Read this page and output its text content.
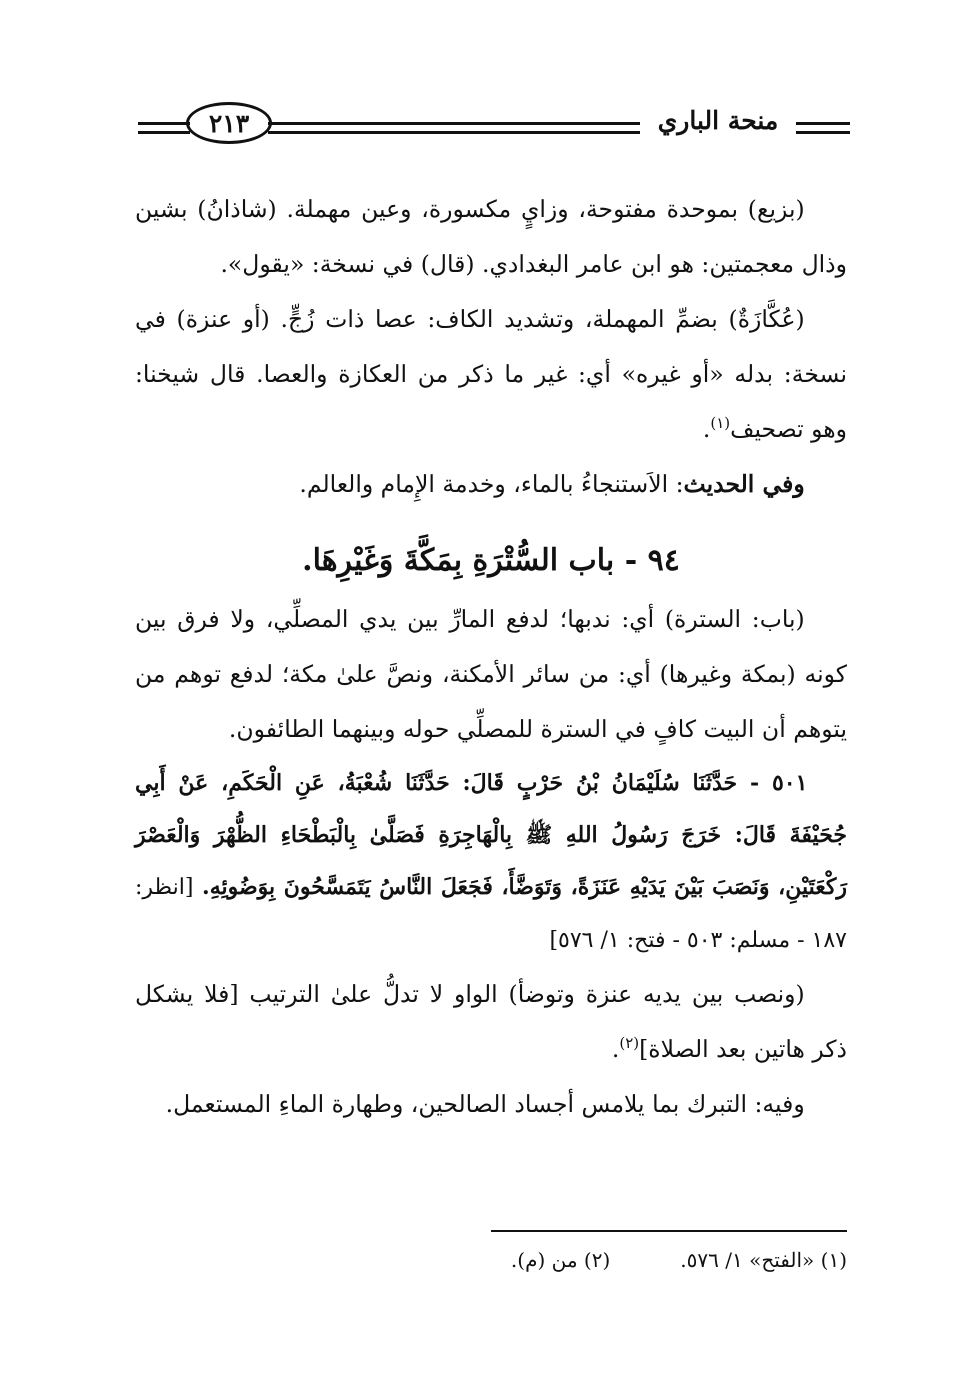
٢١٣	منحة الباري

(بزيع) بموحدة مفتوحة، وزايٍ مكسورة، وعين مهملة. (شاذانُ) بشين وذال معجمتين: هو ابن عامر البغدادي. (قال) في نسخة: «يقول».

(عُكَّازَةٌ) بضمِّ المهملة، وتشديد الكاف: عصا ذات زُجٍّ. (أو عنزة) في نسخة: بدله «أو غيره» أي: غير ما ذكر من العكازة والعصا. قال شيخنا: وهو تصحيف$^{(١)}$.

وفي الحديث: الاَستنجاءُ بالماء، وخدمة الإِمام والعالم.

٩٤ - باب السُّتْرَةِ بِمَكَّةَ وَغَيْرِهَا.

(باب: السترة) أي: ندبها؛ لدفع المارِّ بين يدي المصلِّي، ولا فرق بين كونه (بمكة وغيرها) أي: من سائر الأمكنة، ونصَّ علىٰ مكة؛ لدفع توهم من يتوهم أن البيت كافٍ في السترة للمصلِّي حوله وبينهما الطائفون.

٥٠١ - حَدَّثَنَا سُلَيْمَانُ بْنُ حَرْبٍ قَالَ: حَدَّثَنَا شُعْبَةُ، عَنِ الْحَكَمِ، عَنْ أَبِي جُحَيْفَةَ قَالَ: خَرَجَ رَسُولُ اللهِ ﷺ بِالْهَاجِرَةِ فَصَلَّىٰ بِالْبَطْحَاءِ الظُّهْرَ وَالْعَصْرَ رَكْعَتَيْنِ، وَنَصَبَ بَيْنَ يَدَيْهِ عَنَزَةً، وَتَوَضَّأَ، فَجَعَلَ النَّاسُ يَتَمَسَّحُونَ بِوَضُوئِهِ. [انظر: ١٨٧ - مسلم: ٥٠٣ - فتح: ١/ ٥٧٦]

(ونصب بين يديه عنزة وتوضأ) الواو لا تدلُّ علىٰ الترتيب [فلا يشكل ذكر هاتين بعد الصلاة]$^{(٢)}$.

وفيه: التبرك بما يلامس أجساد الصالحين، وطهارة الماءِ المستعمل.

(١) «الفتح» ١/ ٥٧٦.
(٢) من (م).
